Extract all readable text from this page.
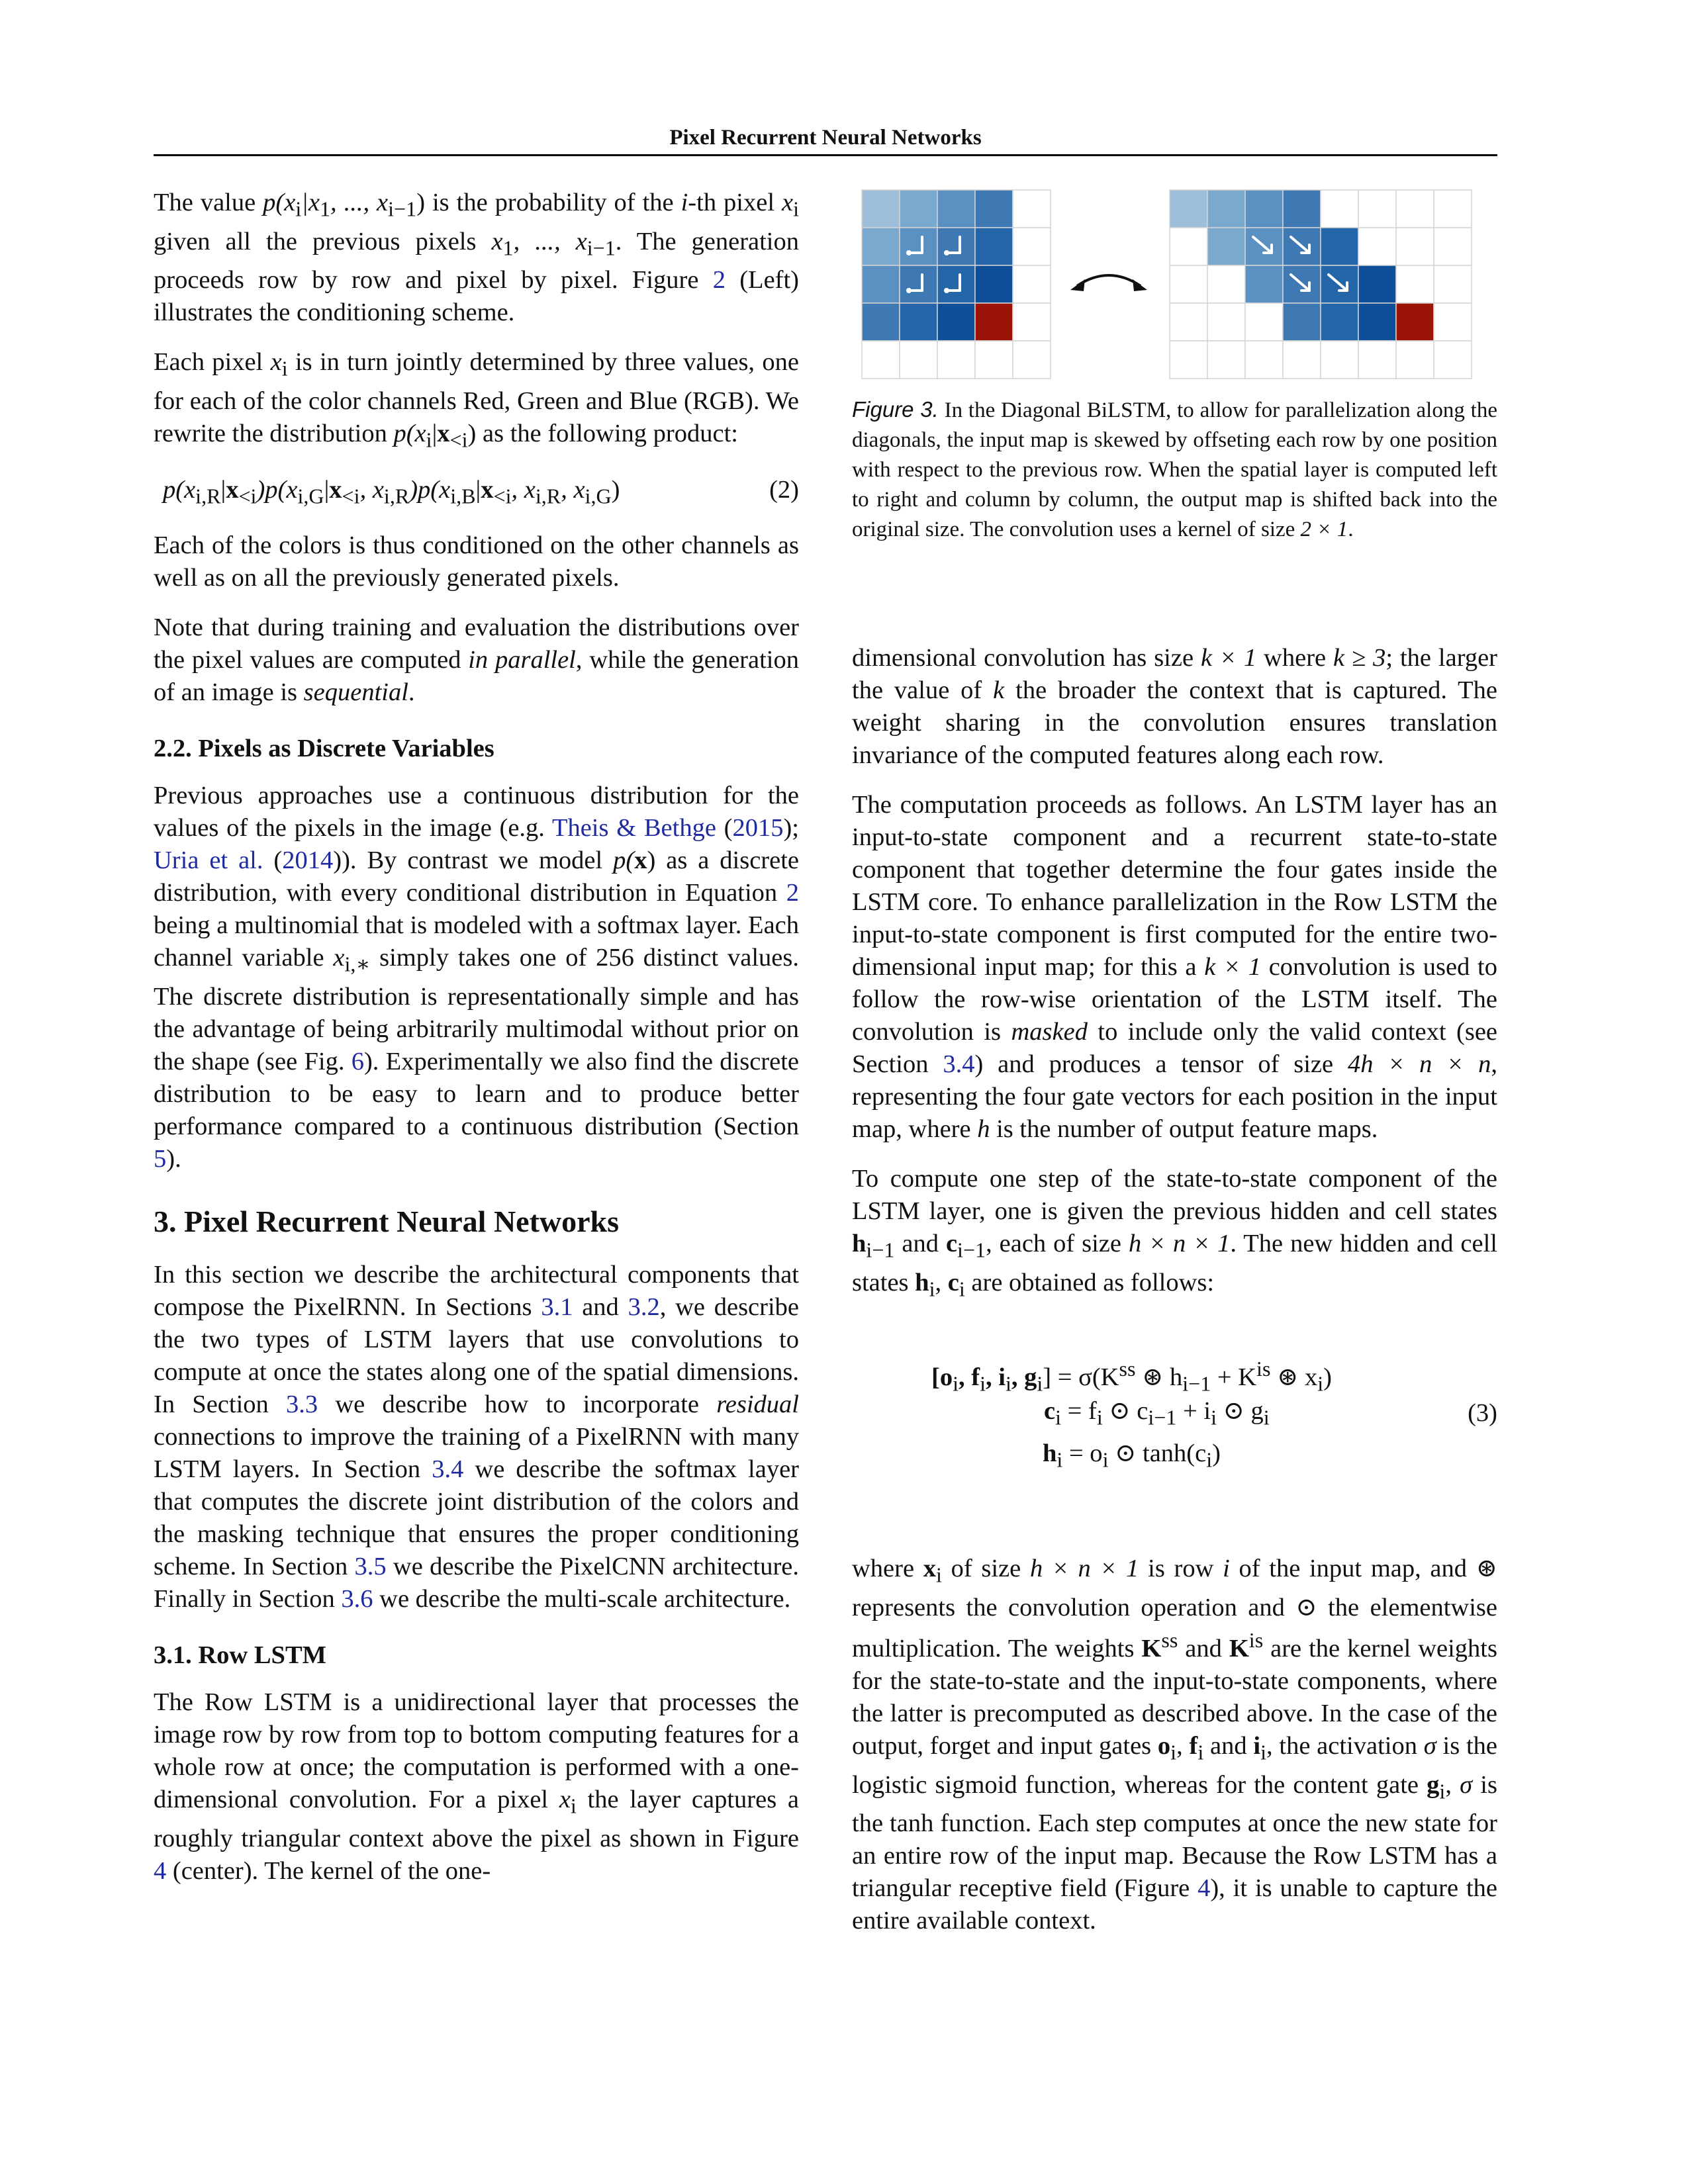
Pixel Recurrent Neural Networks

The value $p(x_i|x_1$, ..., $x_{i-1}$) is the probability of the i-th pixel $x_i$ given all the previous pixels $x_1$, ..., $x_{i-1}$. The generation proceeds row by row and pixel by pixel. Figure 2 (Left) illustrates the conditioning scheme.

Each pixel $x_i$ is in turn jointly determined by three values, one for each of the color channels Red, Green and Blue (RGB). We rewrite the distribution $p(x_i|x_{<i})$ as the following product:

$p(x_{i,R}|x_{<i})p(x_{i,G}|x_{<i}$, $x_{i,R})p(x_{i,B}|x_{<i}$, $x_{i,R}$, $x_{i,G}$)	(2)

Each of the colors is thus conditioned on the other channels as well as on all the previously generated pixels.

Note that during training and evaluation the distributions over the pixel values are computed in parallel, while the generation of an image is sequential.

2.2. Pixels as Discrete Variables

Previous approaches use a continuous distribution for the values of the pixels in the image (e.g. Theis & Bethge (2015); Uria et al. (2014)). By contrast we model p(x) as a discrete distribution, with every conditional distribution in Equation 2 being a multinomial that is modeled with a softmax layer. Each channel variable $x_{i,∗}$ simply takes one of 256 distinct values. The discrete distribution is representationally simple and has the advantage of being arbitrarily multimodal without prior on the shape (see Fig. 6). Experimentally we also find the discrete distribution to be easy to learn and to produce better performance compared to a continuous distribution (Section 5).

3. Pixel Recurrent Neural Networks

In this section we describe the architectural components that compose the PixelRNN. In Sections 3.1 and 3.2, we describe the two types of LSTM layers that use convolutions to compute at once the states along one of the spatial dimensions. In Section 3.3 we describe how to incorporate residual connections to improve the training of a PixelRNN with many LSTM layers. In Section 3.4 we describe the softmax layer that computes the discrete joint distribution of the colors and the masking technique that ensures the proper conditioning scheme. In Section 3.5 we describe the PixelCNN architecture. Finally in Section 3.6 we describe the multi-scale architecture.

3.1. Row LSTM

The Row LSTM is a unidirectional layer that processes the image row by row from top to bottom computing features for a whole row at once; the computation is performed with a one-dimensional convolution. For a pixel $x_i$ the layer captures a roughly triangular context above the pixel as shown in Figure 4 (center). The kernel of the one-

Figure 3. In the Diagonal BiLSTM, to allow for parallelization along the diagonals, the input map is skewed by offseting each row by one position with respect to the previous row. When the spatial layer is computed left to right and column by column, the output map is shifted back into the original size. The convolution uses a kernel of size 2 × 1.

dimensional convolution has size k × 1 where k ≥ 3; the larger the value of k the broader the context that is captured. The weight sharing in the convolution ensures translation invariance of the computed features along each row.

The computation proceeds as follows. An LSTM layer has an input-to-state component and a recurrent state-to-state component that together determine the four gates inside the LSTM core. To enhance parallelization in the Row LSTM the input-to-state component is first computed for the entire two-dimensional input map; for this a k × 1 convolution is used to follow the row-wise orientation of the LSTM itself. The convolution is masked to include only the valid context (see Section 3.4) and produces a tensor of size 4h × n × n, representing the four gate vectors for each position in the input map, where h is the number of output feature maps.

To compute one step of the state-to-state component of the LSTM layer, one is given the previous hidden and cell states $h_{i-1}$ and $c_{i-1}$, each of size h × n × 1. The new hidden and cell states $h_i$, $c_i$ are obtained as follows:

[$o_i$, $f_i$, $i_i$, $g_i] = \sigma(K^{ss}$ ⊛ $h_{i-1} + K^{is}$ ⊛ $x_i$)
$c_i = f_i$ ⊙ $c_{i-1} + i_i$ ⊙ $g_i$
$h_i = o_i$ ⊙ $\tanh(c_i)$
(3)

where $x_i$ of size h × n × 1 is row i of the input map, and ⊛ represents the convolution operation and ⊙ the elementwise multiplication. The weights $K^{ss}$ and $K^{is}$ are the kernel weights for the state-to-state and the input-to-state components, where the latter is precomputed as described above. In the case of the output, forget and input gates $o_i$, $f_i$ and $i_i$, the activation σ is the logistic sigmoid function, whereas for the content gate $g_i$, σ is the tanh function. Each step computes at once the new state for an entire row of the input map. Because the Row LSTM has a triangular receptive field (Figure 4), it is unable to capture the entire available context.
